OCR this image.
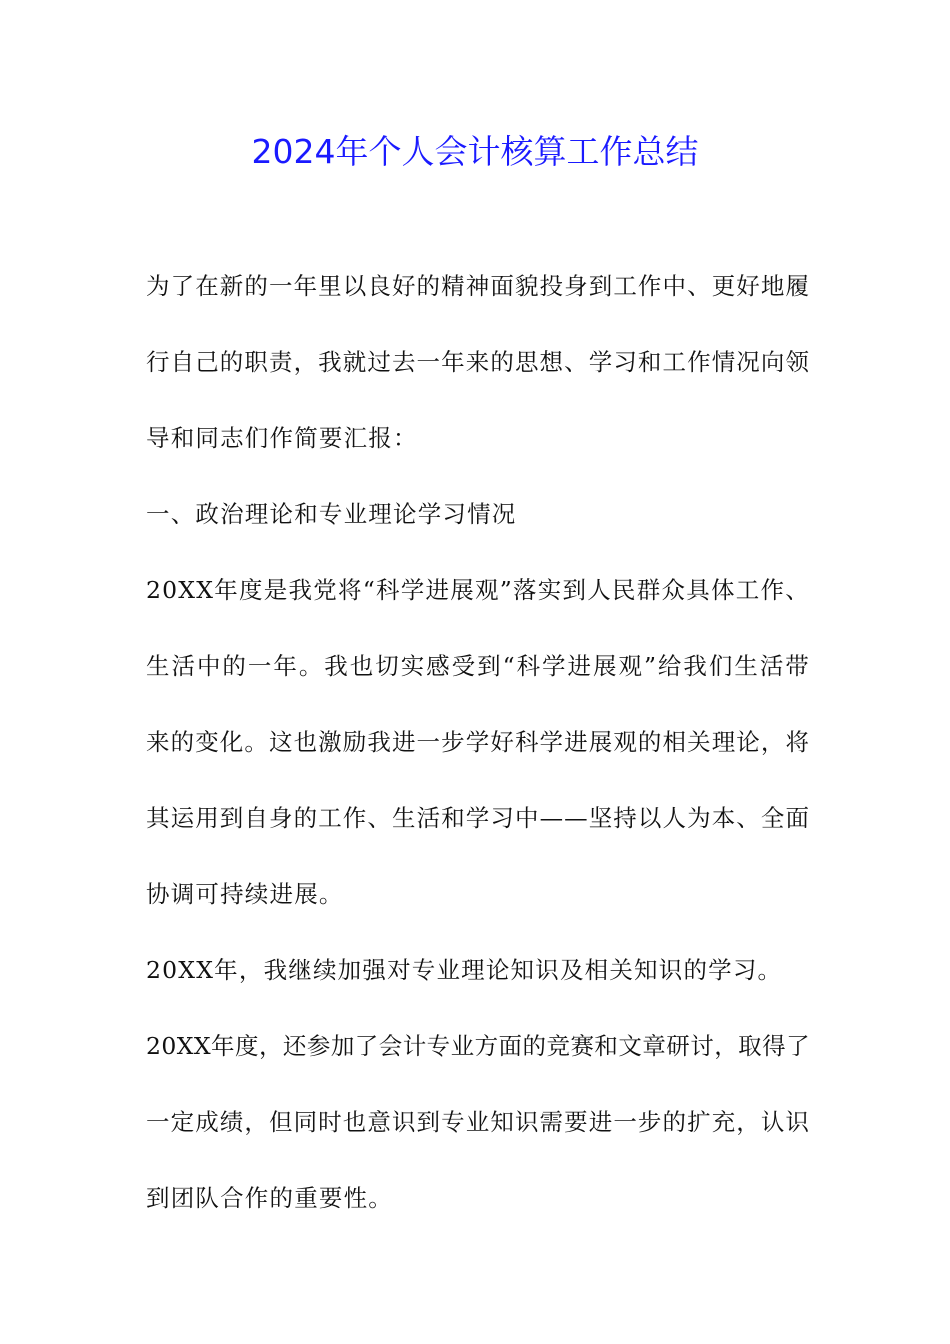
2024年个人会计核算工作总结
为了在新的一年里以良好的精神面貌投身到工作中、更好地履
行自己的职责，我就过去一年来的思想、学习和工作情况向领
导和同志们作简要汇报：
一、政治理论和专业理论学习情况
20XX年度是我党将“科学进展观”落实到人民群众具体工作、
生活中的一年。我也切实感受到“科学进展观”给我们生活带
来的变化。这也激励我进一步学好科学进展观的相关理论，将
其运用到自身的工作、生活和学习中——坚持以人为本、全面
协调可持续进展。
20XX年，我继续加强对专业理论知识及相关知识的学习。
20XX年度，还参加了会计专业方面的竞赛和文章研讨，取得了
一定成绩，但同时也意识到专业知识需要进一步的扩充，认识
到团队合作的重要性。
